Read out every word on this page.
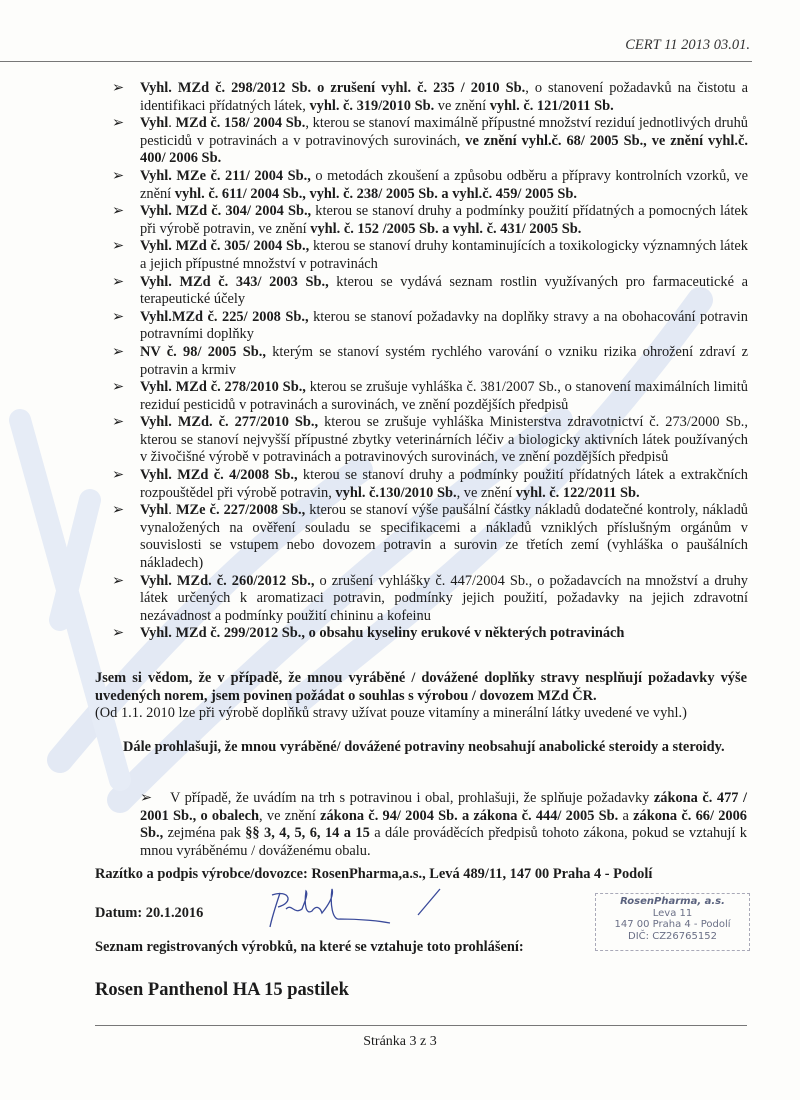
CERT 11 2013 03.01.
➢ Vyhl. MZd č. 298/2012 Sb. o zrušení vyhl. č. 235 / 2010 Sb., o stanovení požadavků na čistotu a identifikaci přídatných látek, vyhl. č. 319/2010 Sb. ve znění vyhl. č. 121/2011 Sb.
➢ Vyhl. MZd č. 158/ 2004 Sb., kterou se stanoví maximálně přípustné množství reziduí jednotlivých druhů pesticidů v potravinách a v potravinových surovinách, ve znění vyhl.č. 68/ 2005 Sb., ve znění vyhl.č. 400/ 2006 Sb.
➢ Vyhl. MZe č. 211/ 2004 Sb., o metodách zkoušení a způsobu odběru a přípravy kontrolních vzorků, ve znění vyhl. č. 611/ 2004 Sb., vyhl. č. 238/ 2005 Sb. a vyhl.č. 459/ 2005 Sb.
➢ Vyhl. MZd č. 304/ 2004 Sb., kterou se stanoví druhy a podmínky použití přídatných a pomocných látek při výrobě potravin, ve znění vyhl. č. 152 /2005 Sb. a vyhl. č. 431/ 2005 Sb.
➢ Vyhl. MZd č. 305/ 2004 Sb., kterou se stanoví druhy kontaminujících a toxikologicky významných látek a jejich přípustné množství v potravinách
➢ Vyhl. MZd č. 343/ 2003 Sb., kterou se vydává seznam rostlin využívaných pro farmaceutické a terapeutické účely
➢ Vyhl.MZd č. 225/ 2008 Sb., kterou se stanoví požadavky na doplňky stravy a na obohacování potravin potravními doplňky
➢ NV č. 98/ 2005 Sb., kterým se stanoví systém rychlého varování o vzniku rizika ohrožení zdraví z potravin a krmiv
➢ Vyhl. MZd č. 278/2010 Sb., kterou se zrušuje vyhláška č. 381/2007 Sb., o stanovení maximálních limitů reziduí pesticidů v potravinách a surovinách, ve znění pozdějších předpisů
➢ Vyhl. MZd. č. 277/2010 Sb., kterou se zrušuje vyhláška Ministerstva zdravotnictví č. 273/2000 Sb., kterou se stanoví nejvyšší přípustné zbytky veterinárních léčiv a biologicky aktivních látek používaných v živočišné výrobě v potravinách a potravinových surovinách, ve znění pozdějších předpisů
➢ Vyhl. MZd č. 4/2008 Sb., kterou se stanoví druhy a podmínky použití přídatných látek a extrakčních rozpouštědel při výrobě potravin, vyhl. č.130/2010 Sb., ve znění vyhl. č. 122/2011 Sb.
➢ Vyhl. MZe č. 227/2008 Sb., kterou se stanoví výše paušální částky nákladů dodatečné kontroly, nákladů vynaložených na ověření souladu se specifikacemi a nákladů vzniklých příslušným orgánům v souvislosti se vstupem nebo dovozem potravin a surovin ze třetích zemí (vyhláška o paušálních nákladech)
➢ Vyhl. MZd. č. 260/2012 Sb., o zrušení vyhlášky č. 447/2004 Sb., o požadavcích na množství a druhy látek určených k aromatizaci potravin, podmínky jejich použití, požadavky na jejich zdravotní nezávadnost a podmínky použití chininu a kofeinu
➢ Vyhl. MZd č. 299/2012 Sb., o obsahu kyseliny erukové v některých potravinách
Jsem si vědom, že v případě, že mnou vyráběné / dovážené doplňky stravy nesplňují požadavky výše uvedených norem, jsem povinen požádat o souhlas s výrobou / dovozem MZd ČR.
(Od 1.1. 2010 lze při výrobě doplňků stravy užívat pouze vitamíny a minerální látky uvedené ve vyhl.)
Dále prohlašuji, že mnou vyráběné/ dovážené potraviny neobsahují anabolické steroidy a steroidy.
➢ V případě, že uvádím na trh s potravinou i obal, prohlašuji, že splňuje požadavky zákona č. 477 / 2001 Sb., o obalech, ve znění zákona č. 94/ 2004 Sb. a zákona č. 444/ 2005 Sb. a zákona č. 66/ 2006 Sb., zejména pak §§ 3, 4, 5, 6, 14 a 15 a dále prováděcích předpisů tohoto zákona, pokud se vztahují k mnou vyráběnému / dováženému obalu.
Razítko a podpis výrobce/dovozce: RosenPharma,a.s., Levá 489/11, 147 00 Praha 4 - Podolí
Datum: 20.1.2016
Seznam registrovaných výrobků, na které se vztahuje toto prohlášení:
RosenPharma, a.s.
Leva 11
147 00 Praha 4 - Podolí
DIČ: CZ26765152
Rosen Panthenol HA 15 pastilek
Stránka 3 z 3
